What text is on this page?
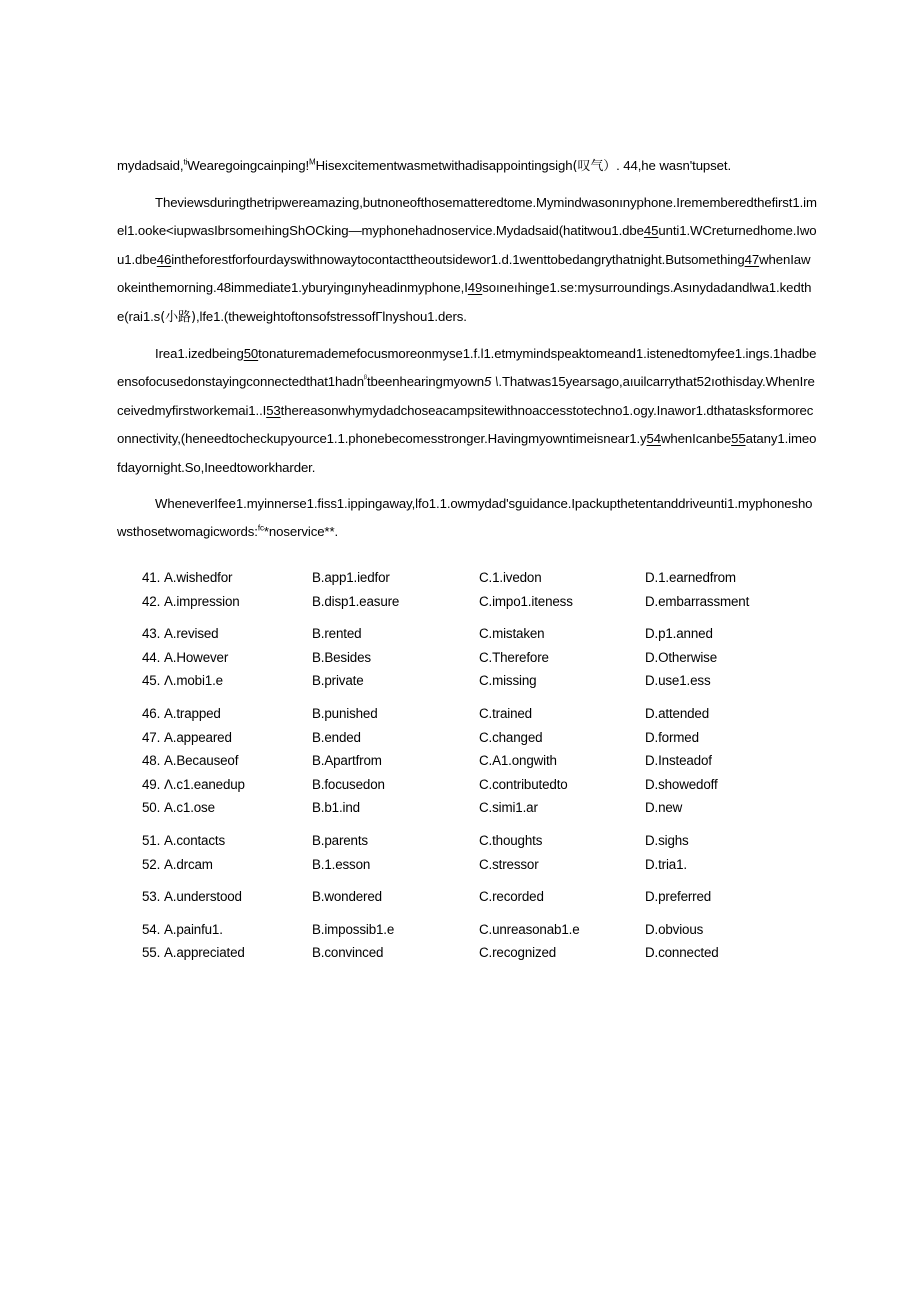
mydadsaid,$^{ti}$Wearegoingcainping!$^M$Hisexcitementwasmetwithadisappointingsigh(叹气）. 44,he wasn'tupset.
Theviewsduringthetripwereamazing,butnoneofthosematteredtome.Mymindwasonınyphone.Irememberedthefirst1.imel1.ooke<iupwasIbrsomeıhingShOCking—myphonehadnoservice.Mydadsaid(hatitwou1.dbe45unti1.WCreturnedhome.Iwou1.dbe46intheforestforfourdayswithnowaytocontacttheoutsidewor1.d.1wenttobedangrythatnight.Butsomething47whenIawokeinthemorning.48immediate1.yburyingınyheadinmyphone,I49soıneıhinge1.se:mysurroundings.Asınydadandlwa1.kedthe(rai1.s(小路),lfe1.(theweightoftonsofstressofΓlnyshou1.ders.
Irea1.izedbeing50tonaturemademefocusmoreonmyse1.f.l1.etmymindspeaktomeand1.istenedtomyfee1.ings.1hadbeensofocusedonstayingconnectedthat1hadn$^ᵝ$tbeenhearingmyown5 \.Thatwas15yearsago,aıuilcarrythat52ıothisday.WhenIreceivedmyfirstworkemai1..I53thereasonwhymydadchoseacampsitewithnoaccesstotechno1.ogy.Inawor1.dthatasksformoreconnectivity,(heneedtocheckupyource1.1.phonebecomesstronger.Havingmyowntimeisnear1.y54whenIcanbe55atany1.imeofdayornight.So,Ineedtoworkharder.
WheneverIfee1.myinnerse1.fiss1.ippingaway,lfo1.1.owmydad'sguidance.Ipackupthetentanddriveunti1.myphoneshowsthosetwomagicwords:$^{fc}$*noservice**.
41. A.wishedfor	B.app1.iedfor	C.1.ivedon	D.1.earnedfrom
42. A.impression	B.disp1.easure	C.impo1.iteness	D.embarrassment
43. A.revised	B.rented	C.mistaken	D.p1.anned
44. A.However	B.Besides	C.Therefore	D.Otherwise
45. Λ.mobi1.e	B.private	C.missing	D.use1.ess
46. A.trapped	B.punished	C.trained	D.attended
47. A.appeared	B.ended	C.changed	D.formed
48. A.Becauseof	B.Apartfrom	C.A1.ongwith	D.Insteadof
49. Λ.c1.eanedup	B.focusedon	C.contributedto	D.showedoff
50. A.c1.ose	B.b1.ind	C.simi1.ar	D.new
51. A.contacts	B.parents	C.thoughts	D.sighs
52. A.drcam	B.1.esson	C.stressor	D.tria1.
53. A.understood	B.wondered	C.recorded	D.preferred
54. A.painfu1.	B.impossib1.e	C.unreasonab1.e	D.obvious
55. A.appreciated	B.convinced	C.recognized	D.connected
